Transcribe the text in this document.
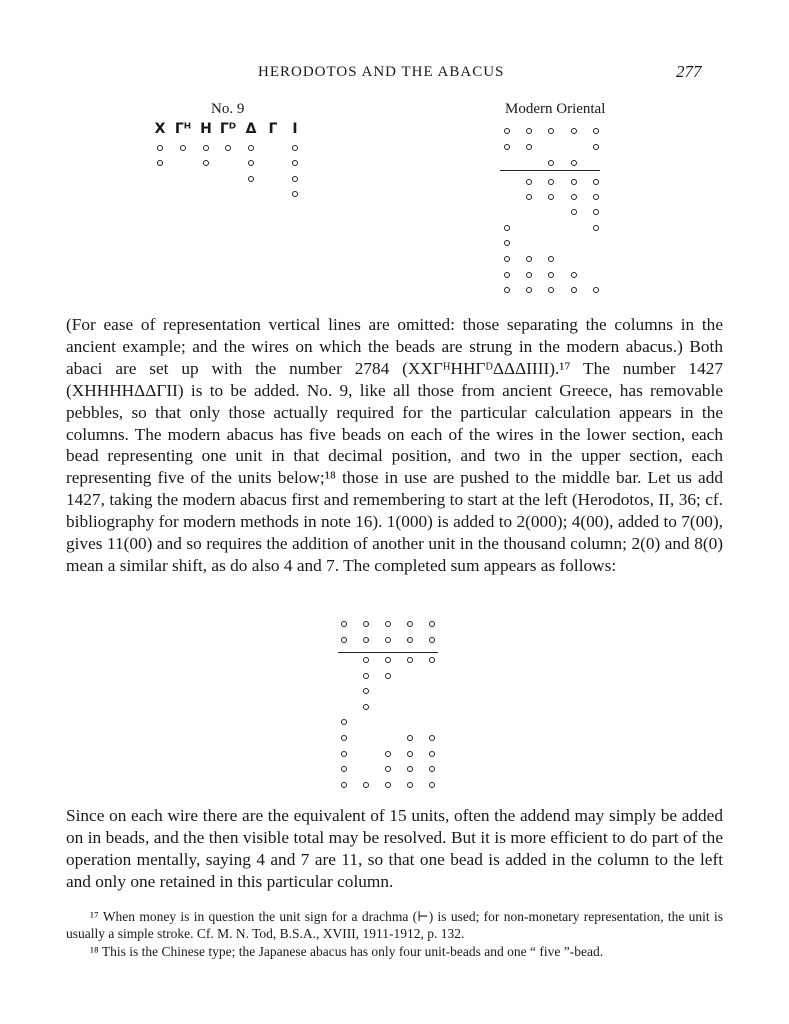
HERODOTOS AND THE ABACUS	277
No. 9
X Γᴴ H Γᴰ Δ Γ I
Modern Oriental

(For ease of representation vertical lines are omitted: those separating the columns in the ancient example; and the wires on which the beads are strung in the modern abacus.) Both abaci are set up with the number 2784 (XXΓᴴHHΓᴰΔΔΔIIII).¹⁷ The number 1427 (XHHHHΔΔΓII) is to be added. No. 9, like all those from ancient Greece, has removable pebbles, so that only those actually required for the particular calculation appears in the columns. The modern abacus has five beads on each of the wires in the lower section, each bead representing one unit in that decimal position, and two in the upper section, each representing five of the units below;¹⁸ those in use are pushed to the middle bar. Let us add 1427, taking the modern abacus first and remembering to start at the left (Herodotos, II, 36; cf. bibliography for modern methods in note 16). 1(000) is added to 2(000); 4(00), added to 7(00), gives 11(00) and so requires the addition of another unit in the thousand column; 2(0) and 8(0) mean a similar shift, as do also 4 and 7. The completed sum appears as follows:

Since on each wire there are the equivalent of 15 units, often the addend may simply be added on in beads, and the then visible total may be resolved. But it is more efficient to do part of the operation mentally, saying 4 and 7 are 11, so that one bead is added in the column to the left and only one retained in this particular column.

¹⁷ When money is in question the unit sign for a drachma (⊢) is used; for non-monetary representation, the unit is usually a simple stroke. Cf. M. N. Tod, B.S.A., XVIII, 1911-1912, p. 132.

¹⁸ This is the Chinese type; the Japanese abacus has only four unit-beads and one “ five ”-bead.
